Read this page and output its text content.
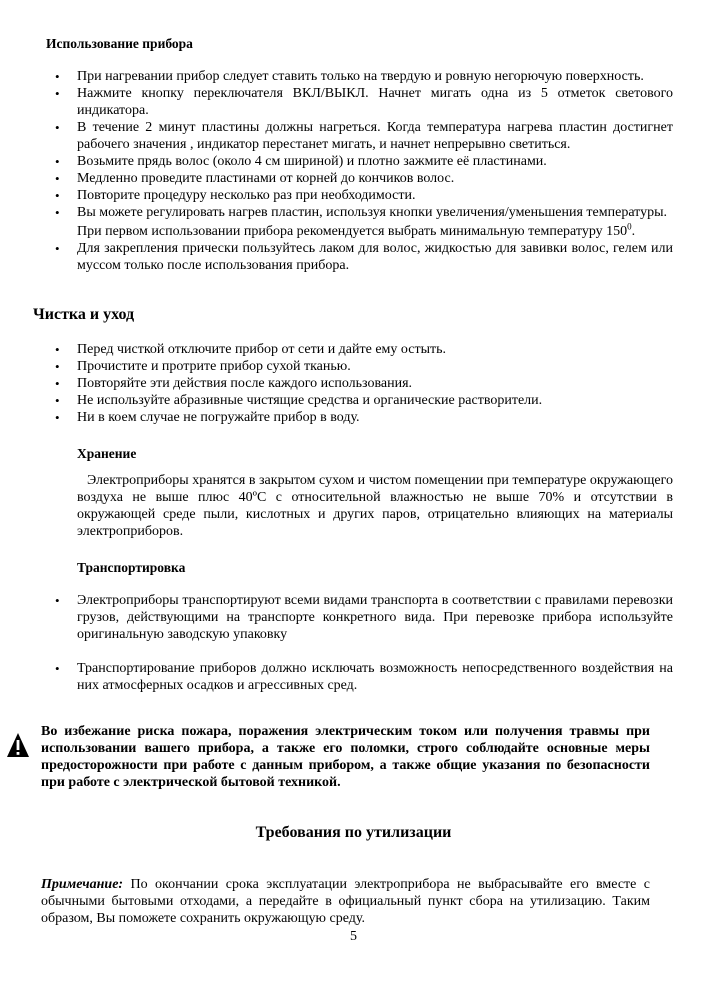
Использование прибора
• При нагревании прибор следует ставить только на твердую и ровную негорючую поверхность.
• Нажмите кнопку переключателя ВКЛ/ВЫКЛ. Начнет мигать одна из 5 отметок светового индикатора.
• В течение 2 минут пластины должны нагреться. Когда температура нагрева пластин достигнет рабочего значения , индикатор перестанет мигать, и начнет непрерывно светиться.
• Возьмите прядь волос (около 4 см шириной) и плотно зажмите её пластинами.
• Медленно проведите пластинами от корней до кончиков волос.
• Повторите процедуру несколько раз при необходимости.
• Вы можете регулировать нагрев пластин, используя кнопки увеличения/уменьшения температуры.
При первом использовании прибора рекомендуется выбрать минимальную температуру $150^0$.
• Для закрепления прически пользуйтесь лаком для волос, жидкостью для завивки волос, гелем или муссом только после использования прибора.
Чистка и уход
• Перед чисткой отключите прибор от сети и дайте ему остыть.
• Прочистите и протрите прибор сухой тканью.
• Повторяйте эти действия после каждого использования.
• Не используйте абразивные чистящие средства и органические растворители.
• Ни в коем случае не погружайте прибор в воду.
Хранение
Электроприборы хранятся в закрытом сухом и чистом помещении при температуре окружающего воздуха не выше плюс 40ºС с относительной влажностью не выше 70% и отсутствии в окружающей среде пыли, кислотных и других паров, отрицательно влияющих на материалы электроприборов.
Транспортировка
• Электроприборы транспортируют всеми видами транспорта в соответствии с правилами перевозки грузов, действующими на транспорте конкретного вида. При перевозке прибора используйте оригинальную заводскую упаковку
• Транспортирование приборов должно исключать возможность непосредственного воздействия на них атмосферных осадков и агрессивных сред.
Во избежание риска пожара, поражения электрическим током или получения травмы при использовании вашего прибора, а также его поломки, строго соблюдайте основные меры предосторожности при работе с данным прибором, а также общие указания по безопасности при работе с электрической бытовой техникой.
Требования по утилизации
Примечание: По окончании срока эксплуатации электроприбора не выбрасывайте его вместе с обычными бытовыми отходами, а передайте в официальный пункт сбора на утилизацию. Таким образом, Вы поможете сохранить окружающую среду.
5
